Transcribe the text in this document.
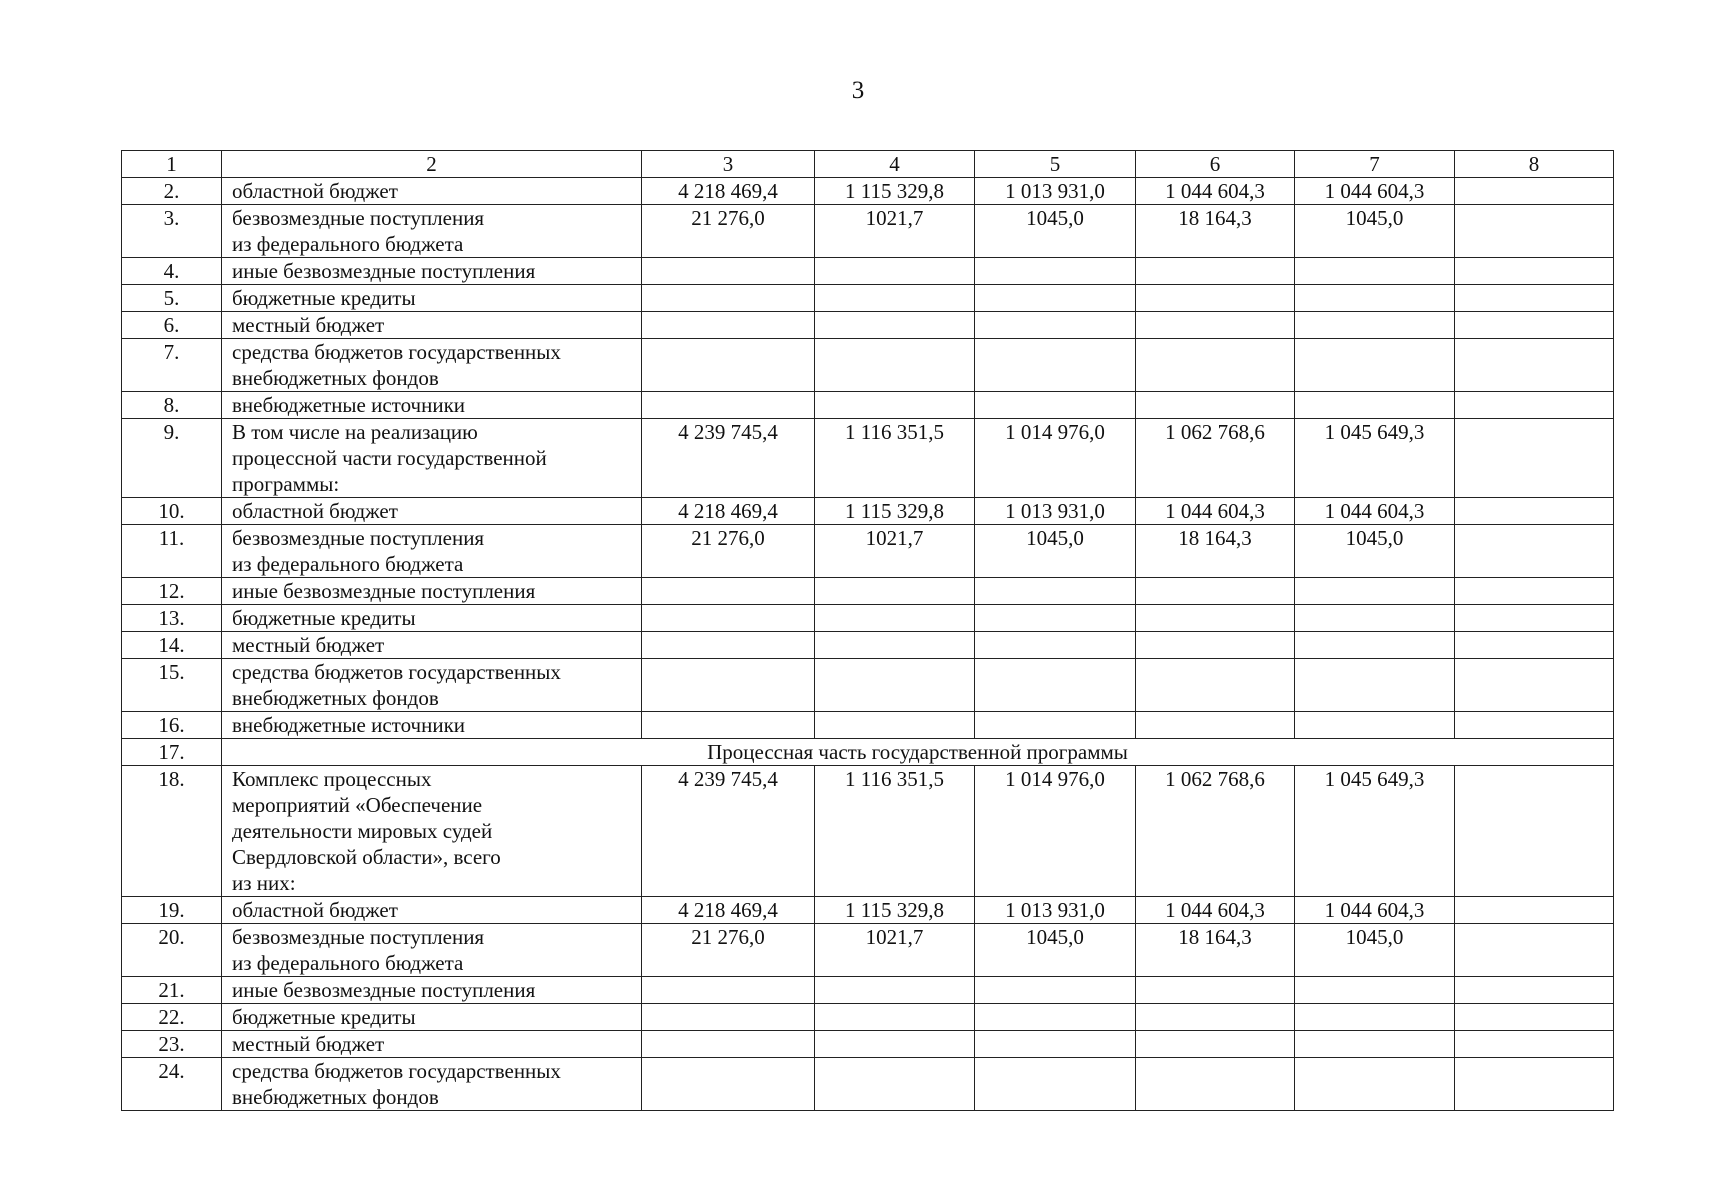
3
1	2	3	4	5	6	7	8
2.	областной бюджет	4 218 469,4	1 115 329,8	1 013 931,0	1 044 604,3	1 044 604,3	
3.	безвозмездные поступления
из федерального бюджета	21 276,0	1021,7	1045,0	18 164,3	1045,0	
4.	иные безвозмездные поступления						
5.	бюджетные кредиты						
6.	местный бюджет						
7.	средства бюджетов государственных
внебюджетных фондов						
8.	внебюджетные источники						
9.	В том числе на реализацию
процессной части государственной
программы:	4 239 745,4	1 116 351,5	1 014 976,0	1 062 768,6	1 045 649,3	
10.	областной бюджет	4 218 469,4	1 115 329,8	1 013 931,0	1 044 604,3	1 044 604,3	
11.	безвозмездные поступления
из федерального бюджета	21 276,0	1021,7	1045,0	18 164,3	1045,0	
12.	иные безвозмездные поступления						
13.	бюджетные кредиты						
14.	местный бюджет						
15.	средства бюджетов государственных
внебюджетных фондов						
16.	внебюджетные источники						
17.	Процессная часть государственной программы						
18.	Комплекс процессных
мероприятий «Обеспечение
деятельности мировых судей
Свердловской области», всего
из них:	4 239 745,4	1 116 351,5	1 014 976,0	1 062 768,6	1 045 649,3	
19.	областной бюджет	4 218 469,4	1 115 329,8	1 013 931,0	1 044 604,3	1 044 604,3	
20.	безвозмездные поступления
из федерального бюджета	21 276,0	1021,7	1045,0	18 164,3	1045,0	
21.	иные безвозмездные поступления						
22.	бюджетные кредиты						
23.	местный бюджет						
24.	средства бюджетов государственных
внебюджетных фондов						
